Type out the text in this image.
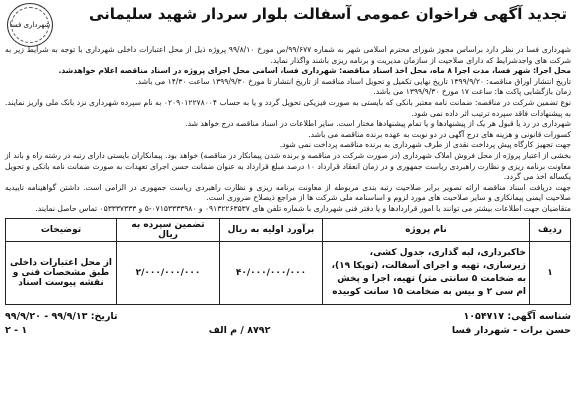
تجدید آگهی فراخوان عمومی آسفالت بلوار سردار شهید سلیمانی
شهرداری فسا

شهرداری فسا در نظر دارد براساس مجوز شورای محترم اسلامی شهر به شماره ۹۹/۶۷۷/ص مورخ ۹۹/۸/۱۰ پروژه ذیل از محل اعتبارات داخلی شهرداری با توجه به شرایط زیر به شرکت های واجدشرایط که دارای صلاحیت از سازمان مدیریت و برنامه ریزی باشند واگذار نماید.

محل اجرا: شهر فسا، مدت اجرا ۸ ماه، محل اخذ اسناد مناقصه: شهرداری فسا، اسامی محل اجرای پروژه در اسناد مناقصه اعلام خواهدشد.

تاریخ انتشار اوراق مناقصه: ۱۳۹۹/۹/۲۰ تاریخ نهایی تکمیل و تحویل اسناد مناقصه از تاریخ انتشار تا مورخ ۱۳۹۹/۹/۳۰ ساعت ۱۴/۳۰ می باشد.

زمان بازگشایی پاکت ها: ساعت ۱۷ مورخ ۱۳۹۹/۹/۳۰ می باشد.

نوع تضمین شرکت در مناقصه: ضمانت نامه معتبر بانکی که بایستی به صورت فیزیکی تحویل گردد و یا به حساب ۰۲۰۹۰۱۲۲۷۸۰۰۴ به نام سپرده شهرداری نزد بانک ملی واریز نمایند. به پیشنهادات فاقد سپرده ترتیب اثر داده نمی شود.

شهرداری در رد یا قبول هر یک از پیشنهادها و یا تمام پیشنهادها مختار است. سایر اطلاعات در اسناد مناقصه درج خواهد شد.

کسورات قانونی و هزینه های درج آگهی در دو نوبت به عهده برنده مناقصه می باشد.

جهت تجهیز کارگاه پیش پرداخت نقدی از طرف شهرداری به برنده مناقصه پرداخت نمی شود.

بخشی از اعتبار پروژه از محل فروش املاک شهرداری (در صورت شرکت در مناقصه و برنده شدن پیمانکار در مناقصه) خواهد بود. پیمانکاران بایستی دارای رتبه در رشته راه و باند از معاونت برنامه ریزی و نظارت راهبردی ریاست جمهوری و در زمان انعقاد قرارداد ۱۰ درصد مبلغ قرارداد به عنوان ضمانت حسن اجرای تعهدات به صورت ضمانت نامه بانکی و تحویل یکساله اخذ می گردد.

جهت دریافت اسناد مناقصه ارائه تصویر برابر صلاحیت رتبه بندی مربوطه از معاونت برنامه ریزی و نظارت راهبردی ریاست جمهوری در الزامی است. داشتن گواهینامه تاییدیه صلاحیت ایمنی پیمانکاری و سایر صلاحیت های مورد لزوم و اساسنامه ملی شرکت ها از مراجع ذیصلاح ضروری است.

متقاضیان جهت اطلاعات بیشتر می توانند با امور قراردادها و یا دفتر فنی شهرداری با شماره تلفن های ۰۹۱۳۲۲۶۳۵۳۷ و ۰۷۱۵۳۳۳۳۹۸۰-۵ و ۰۵۳۳۳۷۳۳۳ تماس حاصل نمایند.

ردیف	نام پروژه	برآورد اولیه به ریال	تضمین سپرده به ریال	توضیحات
۱	خاکبرداری، لبه گذاری، جدول کشی، زیرسازی، تهیه و اجرای آسفالت، (توپکا ۱۹)، به ضخامت ۵ سانتی متر) تهیه، اجرا و پخش ام سی ۲ و بیس به ضخامت ۱۵ سانت کوبیده	۴۰/۰۰۰/۰۰۰/۰۰۰	۲/۰۰۰/۰۰۰/۰۰۰	از محل اعتبارات داخلی طبق مشخصات فنی و نقشه پیوست اسناد
شناسه آگهی: ۱۰۵۴۷۱۷
تاریخ: ۹۹/۹/۱۳ - ۹۹/۹/۲۰
حسن برات - شهردار فسا
۸۷۹۲ / م الف
۱ - ۲
